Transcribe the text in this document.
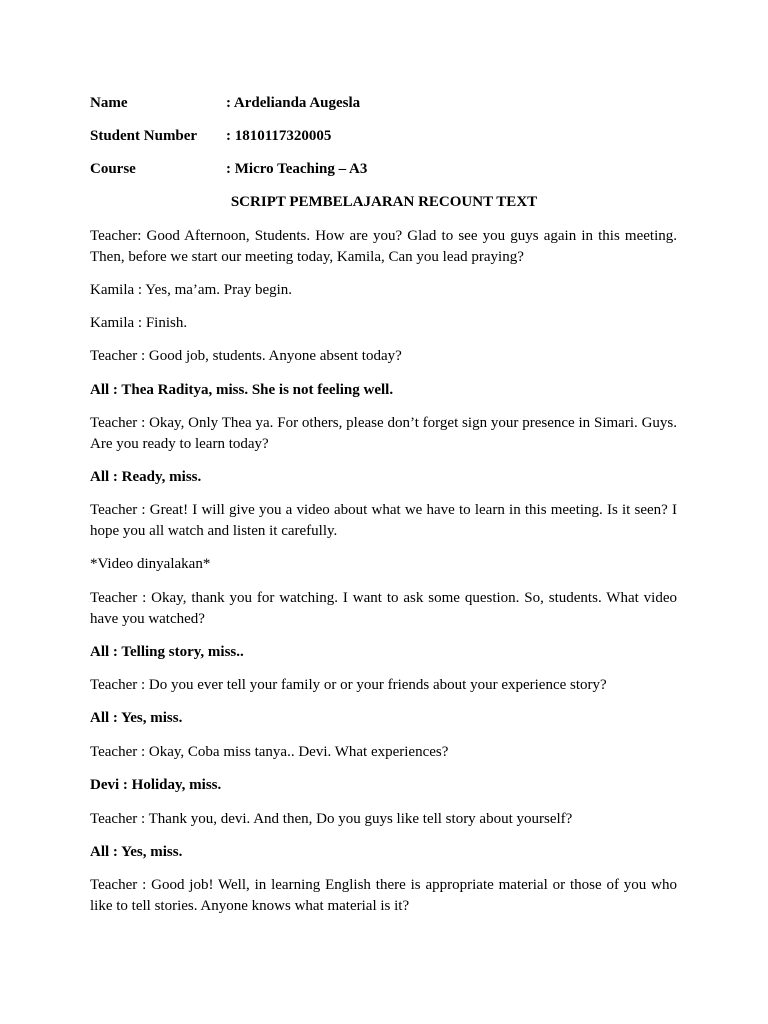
Name	: Ardelianda Augesla
Student Number : 1810117320005
Course	: Micro Teaching – A3
SCRIPT PEMBELAJARAN RECOUNT TEXT

Teacher: Good Afternoon, Students. How are you? Glad to see you guys again in this meeting. Then, before we start our meeting today, Kamila, Can you lead praying?

Kamila : Yes, ma’am. Pray begin.

Kamila : Finish.

Teacher : Good job, students. Anyone absent today?

All : Thea Raditya, miss. She is not feeling well.

Teacher : Okay, Only Thea ya. For others, please don’t forget sign your presence in Simari. Guys. Are you ready to learn today?

All : Ready, miss.

Teacher : Great! I will give you a video about what we have to learn in this meeting. Is it seen? I hope you all watch and listen it carefully.

*Video dinyalakan*

Teacher : Okay, thank you for watching. I want to ask some question. So, students. What video have you watched?

All : Telling story, miss..

Teacher : Do you ever tell your family or or your friends about your experience story?

All : Yes, miss.

Teacher : Okay, Coba miss tanya.. Devi. What experiences?

Devi : Holiday, miss.

Teacher : Thank you, devi. And then, Do you guys like tell story about yourself?

All : Yes, miss.

Teacher : Good job! Well, in learning English there is appropriate material or those of you who like to tell stories. Anyone knows what material is it?
